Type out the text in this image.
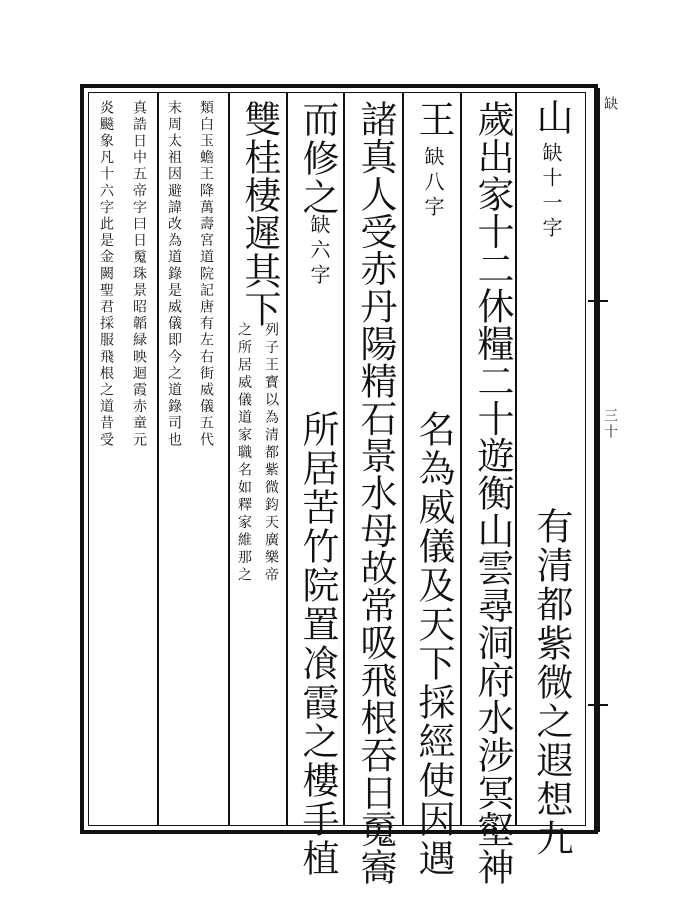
山
缺十一字
有清都紫微之遐想九
歲出家十二休糧二十遊衡山雲尋洞府水涉冥壑神
王
缺八字
名為威儀及天下採經使因遇
諸真人受赤丹陽精石景水母故常吸飛根吞日䰟㝯
而修之
缺六字
所居苦竹院置飡霞之樓手植
雙桂棲遲其下
列子王寳以為清都紫微鈞天廣樂帝
之所居威儀道家職名如釋家維那之
類白玉蟾王降萬壽宮道院記唐有左右街威儀五代
末周太祖因避諱改為道錄是威儀即今之道錄司也
真誥日中五帝字曰日䰟珠景昭韜緑映迴霞赤童元
炎飈象凡十六字此是金闕聖君採服飛根之道昔受	缺
三十
